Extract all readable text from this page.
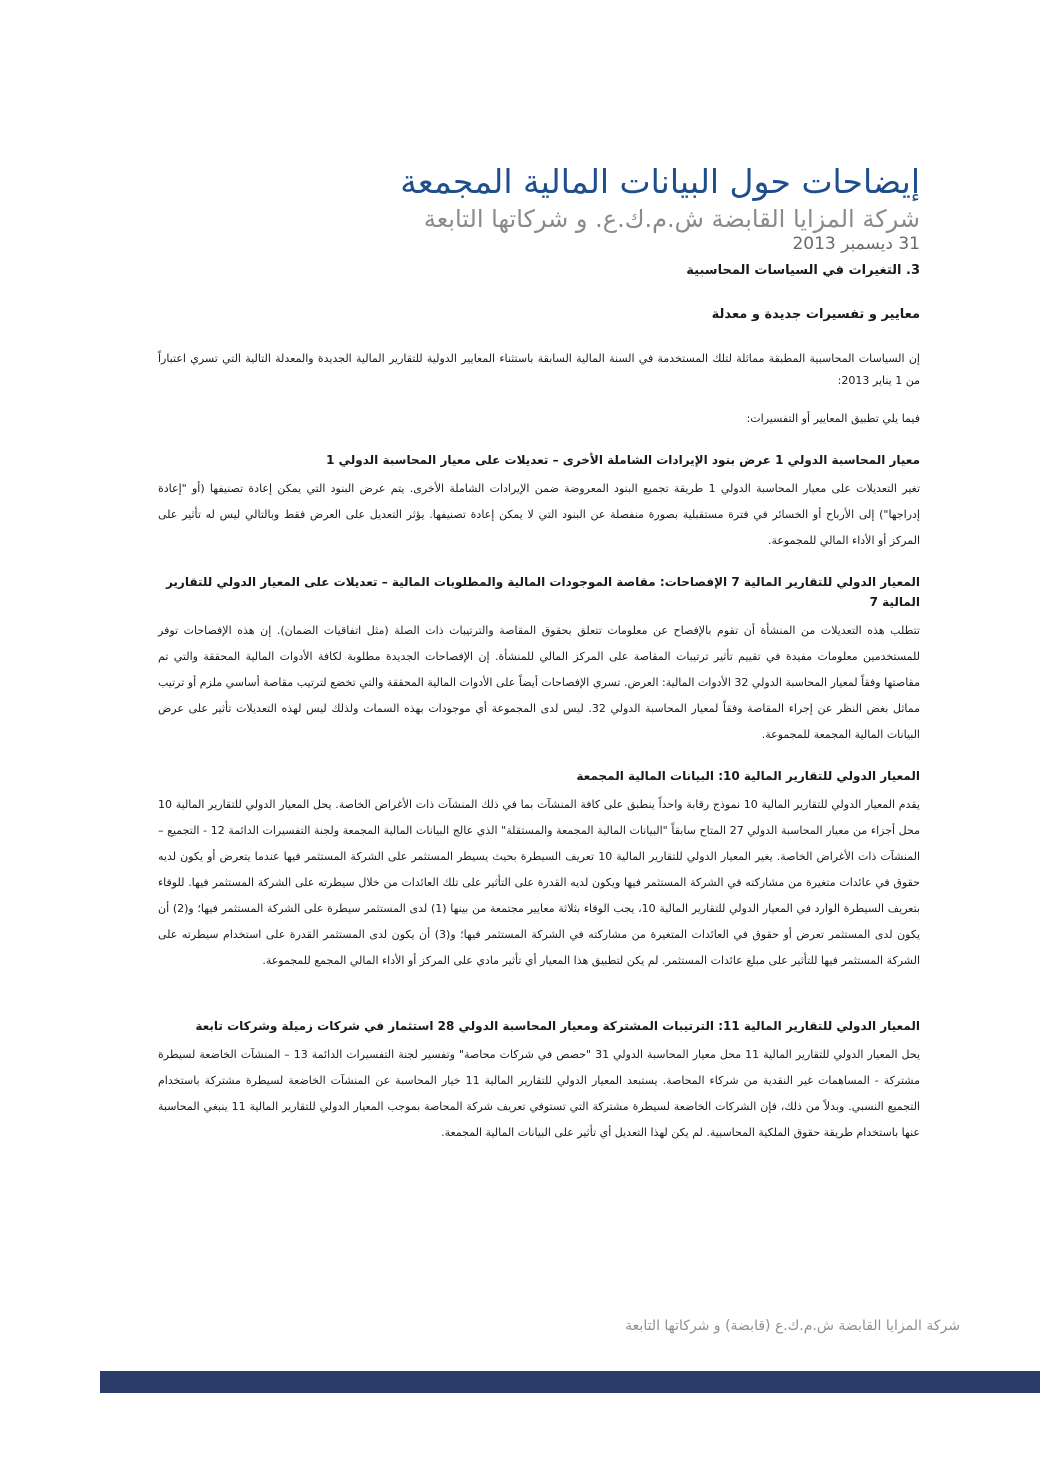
إيضاحات حول البيانات المالية المجمعة

شركة المزايا القابضة ش.م.ك.ع. و شركاتها التابعة

31 ديسمبر 2013

3. التغيرات في السياسات المحاسبية

معايير و تفسيرات جديدة و معدلة

إن السياسات المحاسبية المطبقة مماثلة لتلك المستخدمة في السنة المالية السابقة باستثناء المعايير الدولية للتقارير المالية الجديدة والمعدلة التالية التي تسري اعتباراً من 1 يناير 2013:

فيما يلي تطبيق المعايير أو التفسيرات:

معيار المحاسبة الدولي 1 عرض بنود الإيرادات الشاملة الأخرى – تعديلات على معيار المحاسبة الدولي 1

تغير التعديلات على معيار المحاسبة الدولي 1 طريقة تجميع البنود المعروضة ضمن الإيرادات الشاملة الأخرى. يتم عرض البنود التي يمكن إعادة تصنيفها (أو "إعادة إدراجها") إلى الأرباح أو الخسائر في فترة مستقبلية بصورة منفصلة عن البنود التي لا يمكن إعادة تصنيفها. يؤثر التعديل على العرض فقط وبالتالي ليس له تأثير على المركز أو الأداء المالي للمجموعة.

المعيار الدولي للتقارير المالية 7 الإفصاحات: مقاصة الموجودات المالية والمطلوبات المالية – تعديلات على المعيار الدولي للتقارير المالية 7

تتطلب هذه التعديلات من المنشأة أن تقوم بالإفصاح عن معلومات تتعلق بحقوق المقاصة والترتيبات ذات الصلة (مثل اتفاقيات الضمان). إن هذه الإفصاحات توفر للمستخدمين معلومات مفيدة في تقييم تأثير ترتيبات المقاصة على المركز المالي للمنشأة. إن الإفصاحات الجديدة مطلوبة لكافة الأدوات المالية المحققة والتي تم مقاصتها وفقاً لمعيار المحاسبة الدولي 32 الأدوات المالية: العرض. تسري الإفصاحات أيضاً على الأدوات المالية المحققة والتي تخضع لترتيب مقاصة أساسي ملزم أو ترتيب مماثل بغض النظر عن إجراء المقاصة وفقاً لمعيار المحاسبة الدولي 32. ليس لدى المجموعة أي موجودات بهذه السمات ولذلك ليس لهذه التعديلات تأثير على عرض البيانات المالية المجمعة للمجموعة.

المعيار الدولي للتقارير المالية 10: البيانات المالية المجمعة

يقدم المعيار الدولي للتقارير المالية 10 نموذج رقابة واحداً ينطبق على كافة المنشآت بما في ذلك المنشآت ذات الأغراض الخاصة. يحل المعيار الدولي للتقارير المالية 10 محل أجزاء من معيار المحاسبة الدولي 27 المتاح سابقاً "البيانات المالية المجمعة والمستقلة" الذي عالج البيانات المالية المجمعة ولجنة التفسيرات الدائمة 12 - التجميع – المنشآت ذات الأغراض الخاصة. يغير المعيار الدولي للتقارير المالية 10 تعريف السيطرة بحيث يسيطر المستثمر على الشركة المستثمر فيها عندما يتعرض أو يكون لديه حقوق في عائدات متغيرة من مشاركته في الشركة المستثمر فيها ويكون لديه القدرة على التأثير على تلك العائدات من خلال سيطرته على الشركة المستثمر فيها. للوفاء بتعريف السيطرة الوارد في المعيار الدولي للتقارير المالية 10، يجب الوفاء بثلاثة معايير مجتمعة من بينها (1) لدى المستثمر سيطرة على الشركة المستثمر فيها؛ و(2) أن يكون لدى المستثمر تعرض أو حقوق في العائدات المتغيرة من مشاركته في الشركة المستثمر فيها؛ و(3) أن يكون لدى المستثمر القدرة على استخدام سيطرته على الشركة المستثمر فيها للتأثير على مبلغ عائدات المستثمر. لم يكن لتطبيق هذا المعيار أي تأثير مادي على المركز أو الأداء المالي المجمع للمجموعة.

المعيار الدولي للتقارير المالية 11: الترتيبات المشتركة ومعيار المحاسبة الدولي 28 استثمار في شركات زميلة وشركات تابعة

يحل المعيار الدولي للتقارير المالية 11 محل معيار المحاسبة الدولي 31 "حصص في شركات محاصة" وتفسير لجنة التفسيرات الدائمة 13 – المنشآت الخاضعة لسيطرة مشتركة - المساهمات غير النقدية من شركاء المحاصة. يستبعد المعيار الدولي للتقارير المالية 11 خيار المحاسبة عن المنشآت الخاضعة لسيطرة مشتركة باستخدام التجميع النسبي. وبدلاً من ذلك، فإن الشركات الخاضعة لسيطرة مشتركة التي تستوفي تعريف شركة المحاصة بموجب المعيار الدولي للتقارير المالية 11 ينبغي المحاسبة عنها باستخدام طريقة حقوق الملكية المحاسبية. لم يكن لهذا التعديل أي تأثير على البيانات المالية المجمعة.

شركة المزايا القابضة ش.م.ك.ع (قابضة) و شركاتها التابعة
